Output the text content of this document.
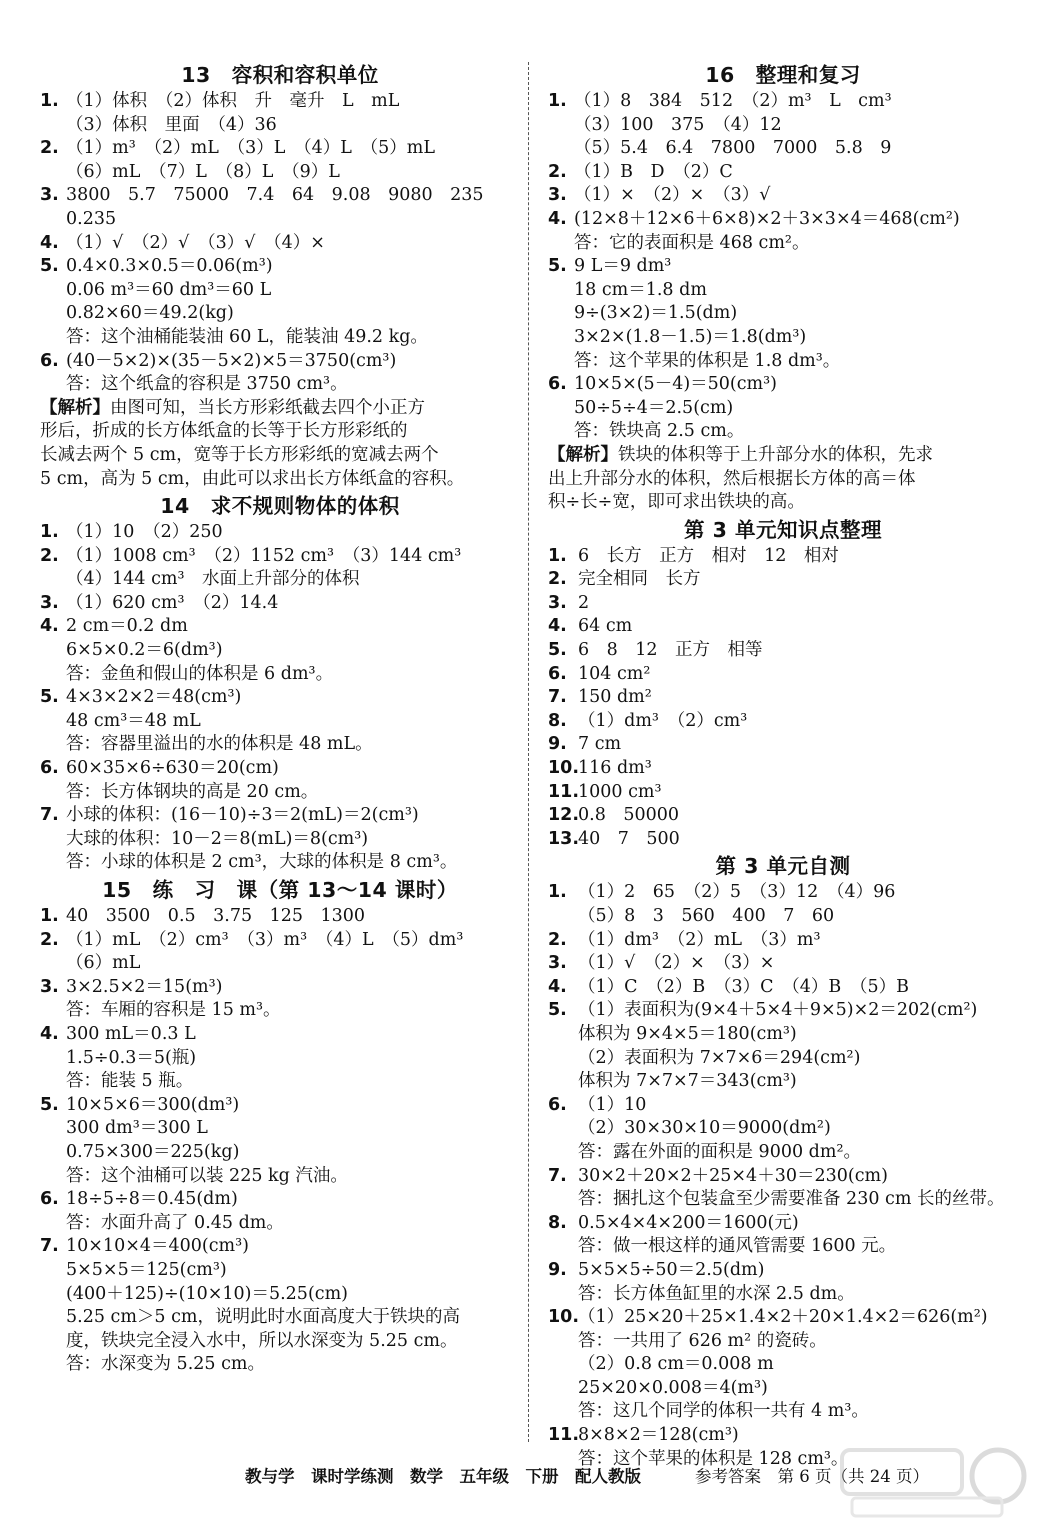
13　容积和容积单位
1. （1）体积　（2）体积　升　毫升　L　mL
（3）体积　里面　（4）36
2. （1）m³　（2）mL　（3）L　（4）L　（5）mL
（6）mL　（7）L　（8）L　（9）L
3. 3800　5.7　75000　7.4　64　9.08　9080　235
0.235
4. （1）√　（2）√　（3）√　（4）×
5. 0.4×0.3×0.5＝0.06(m³)
0.06 m³＝60 dm³＝60 L
0.82×60＝49.2(kg)
答：这个油桶能装油 60 L，能装油 49.2 kg。
6. (40－5×2)×(35－5×2)×5＝3750(cm³)
答：这个纸盒的容积是 3750 cm³。
【解析】由图可知，当长方形彩纸截去四个小正方
形后，折成的长方体纸盒的长等于长方形彩纸的
长减去两个 5 cm，宽等于长方形彩纸的宽减去两个
5 cm，高为 5 cm，由此可以求出长方体纸盒的容积。
14　求不规则物体的体积
1. （1）10　（2）250
2. （1）1008 cm³　（2）1152 cm³　（3）144 cm³
（4）144 cm³　水面上升部分的体积
3. （1）620 cm³　（2）14.4
4. 2 cm＝0.2 dm
6×5×0.2＝6(dm³)
答：金鱼和假山的体积是 6 dm³。
5. 4×3×2×2＝48(cm³)
48 cm³＝48 mL
答：容器里溢出的水的体积是 48 mL。
6. 60×35×6÷630＝20(cm)
答：长方体钢块的高是 20 cm。
7. 小球的体积：(16－10)÷3＝2(mL)＝2(cm³)
大球的体积：10－2＝8(mL)＝8(cm³)
答：小球的体积是 2 cm³，大球的体积是 8 cm³。
15　练　习　课（第 13～14 课时）
1. 40　3500　0.5　3.75　125　1300
2. （1）mL　（2）cm³　（3）m³　（4）L　（5）dm³
（6）mL
3. 3×2.5×2＝15(m³)
答：车厢的容积是 15 m³。
4. 300 mL＝0.3 L
1.5÷0.3＝5(瓶)
答：能装 5 瓶。
5. 10×5×6＝300(dm³)
300 dm³＝300 L
0.75×300＝225(kg)
答：这个油桶可以装 225 kg 汽油。
6. 18÷5÷8＝0.45(dm)
答：水面升高了 0.45 dm。
7. 10×10×4＝400(cm³)
5×5×5＝125(cm³)
(400＋125)÷(10×10)＝5.25(cm)
5.25 cm＞5 cm，说明此时水面高度大于铁块的高
度，铁块完全浸入水中，所以水深变为 5.25 cm。
答：水深变为 5.25 cm。
16　整理和复习
1. （1）8　384　512　（2）m³　L　cm³
（3）100　375　（4）12
（5）5.4　6.4　7800　7000　5.8　9
2. （1）B　D　（2）C
3. （1）×　（2）×　（3）√
4. (12×8＋12×6＋6×8)×2＋3×3×4＝468(cm²)
答：它的表面积是 468 cm²。
5. 9 L＝9 dm³
18 cm＝1.8 dm
9÷(3×2)＝1.5(dm)
3×2×(1.8－1.5)＝1.8(dm³)
答：这个苹果的体积是 1.8 dm³。
6. 10×5×(5－4)＝50(cm³)
50÷5÷4＝2.5(cm)
答：铁块高 2.5 cm。
【解析】铁块的体积等于上升部分水的体积，先求
出上升部分水的体积，然后根据长方体的高＝体
积÷长÷宽，即可求出铁块的高。
第 3 单元知识点整理
1. 6　长方　正方　相对　12　相对
2. 完全相同　长方
3. 2
4. 64 cm
5. 6　8　12　正方　相等
6. 104 cm²
7. 150 dm²
8. （1）dm³　（2）cm³
9. 7 cm
10.116 dm³
11.1000 cm³
12.0.8　50000
13.40　7　500
第 3 单元自测
1. （1）2　65　（2）5　（3）12　（4）96
（5）8　3　560　400　7　60
2. （1）dm³　（2）mL　（3）m³
3. （1）√　（2）×　（3）×
4. （1）C　（2）B　（3）C　（4）B　（5）B
5. （1）表面积为(9×4＋5×4＋9×5)×2＝202(cm²)
体积为 9×4×5＝180(cm³)
（2）表面积为 7×7×6＝294(cm²)
体积为 7×7×7＝343(cm³)
6. （1）10
（2）30×30×10＝9000(dm²)
答：露在外面的面积是 9000 dm²。
7. 30×2＋20×2＋25×4＋30＝230(cm)
答：捆扎这个包装盒至少需要准备 230 cm 长的丝带。
8. 0.5×4×4×200＝1600(元)
答：做一根这样的通风管需要 1600 元。
9. 5×5×5÷50＝2.5(dm)
答：长方体鱼缸里的水深 2.5 dm。
10.（1）25×20＋25×1.4×2＋20×1.4×2＝626(m²)
答：一共用了 626 m² 的瓷砖。
（2）0.8 cm＝0.008 m
25×20×0.008＝4(m³)
答：这几个同学的体积一共有 4 m³。
11.8×8×2＝128(cm³)
答：这个苹果的体积是 128 cm³。
教与学　课时学练测　数学　五年级　下册　配人教版	参考答案　第 6 页（共 24 页）
